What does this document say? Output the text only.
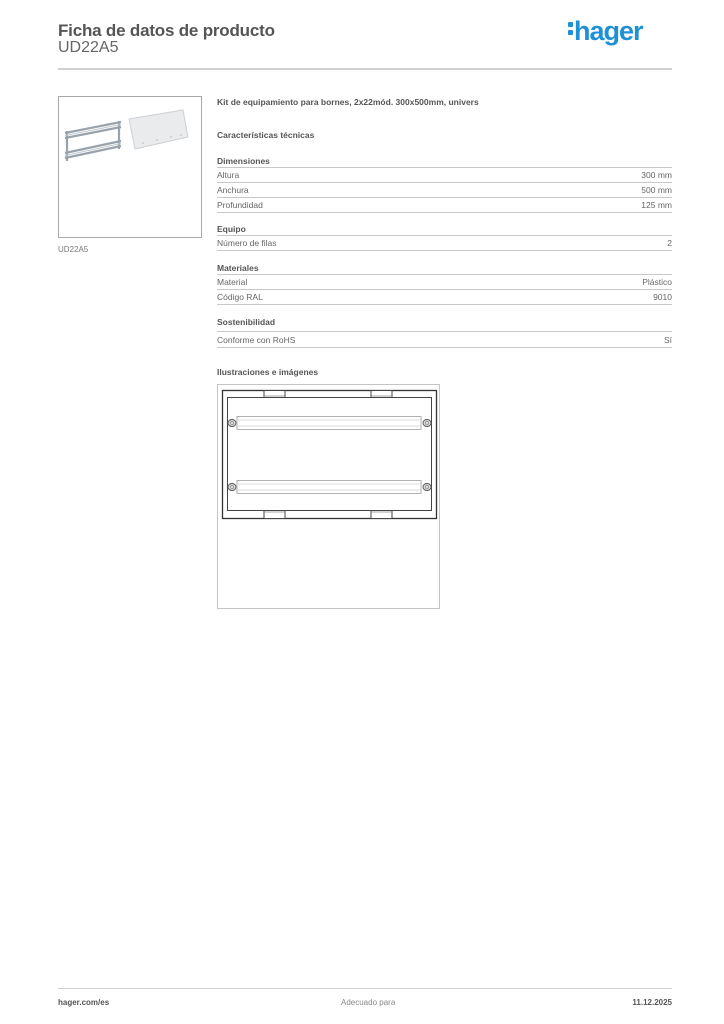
Ficha de datos de producto
UD22A5
hager
UD22A5
Kit de equipamiento para bornes, 2x22mód. 300x500mm, univers
Características técnicas
Dimensiones
Altura	300 mm
Anchura	500 mm
Profundidad	125 mm
Equipo
Número de filas	2
Materiales
Material	Plástico
Código RAL	9010
Sostenibilidad
Conforme con RoHS	Sí
Ilustraciones e imágenes
hager.com/es	Adecuado para	11.12.2025
